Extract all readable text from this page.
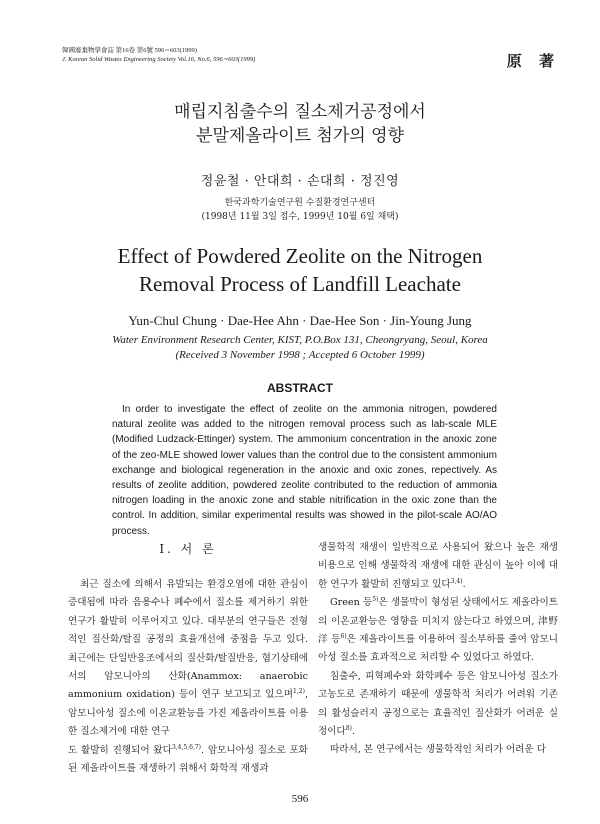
韓國廢棄物學會誌 第16卷 第6號 596∼603(1999)
J. Korean Solid Wastes Engineering Society Vol.16, No.6, 596∼603(1999)	原 著
매립지침출수의 질소제거공정에서
분말제올라이트 첨가의 영향
정윤철 · 안대희 · 손대희 · 정진영
한국과학기술연구원 수질환경연구센터
(1998년 11월 3일 접수, 1999년 10월 6일 채택)
Effect of Powdered Zeolite on the Nitrogen
Removal Process of Landfill Leachate
Yun-Chul Chung · Dae-Hee Ahn · Dae-Hee Son · Jin-Young Jung
Water Environment Research Center, KIST, P.O.Box 131, Cheongryang, Seoul, Korea
(Received 3 November 1998 ; Accepted 6 October 1999)
ABSTRACT
In order to investigate the effect of zeolite on the ammonia nitrogen, powdered natural zeolite was added to the nitrogen removal process such as lab-scale MLE (Modified Ludzack-Ettinger) system. The ammonium concentration in the anoxic zone of the zeo-MLE showed lower values than the control due to the consistent ammonium exchange and biological regeneration in the anoxic and oxic zones, repectively. As results of zeolite addition, powdered zeolite contributed to the reduction of ammonia nitrogen loading in the anoxic zone and stable nitrification in the oxic zone than the control. In addition, similar experimental results was showed in the pilot-scale AO/AO process.
Ⅰ. 서 론

최근 질소에 의해서 유발되는 환경오염에 대한 관심이 증대됨에 따라 음용수나 폐수에서 질소를 제거하기 위한 연구가 활발히 이루어지고 있다. 대부분의 연구들은 전형적인 질산화/탈질 공정의 효율개선에 중점을 두고 있다. 최근에는 단일반응조에서의 질산화/탈질반응, 혐기상태에서의 암모니아의 산화(Anammox: anaerobic ammonium oxidation) 등이 연구 보고되고 있으며$^{1,2)}$, 암모니아성 질소에 이온교환능을 가진 제올라이트를 이용한 질소제거에 대한 연구

도 활발히 진행되어 왔다$^{3,4,5,6,7)}$. 암모니아성 질소로 포화된 제올라이트를 재생하기 위해서 화학적 재생과

생물학적 재생이 일반적으로 사용되어 왔으나 높은 재생비용으로 인해 생물학적 재생에 대한 관심이 높아 이에 대한 연구가 활발히 진행되고 있다$^{3,4)}$.

Green 등$^{5)}$은 생물막이 형성된 상태에서도 제올라이트의 이온교환능은 영향을 미치지 않는다고 하였으며, 津野 洋 등$^{6)}$은 제올라이트를 이용하여 질소부하를 줄여 암모니아성 질소를 효과적으로 처리할 수 있었다고 하였다.

침출수, 피혁폐수와 화학폐수 등은 암모니아성 질소가 고농도로 존재하기 때문에 생물학적 처리가 어려워 기존의 활성슬러지 공정으로는 효율적인 질산화가 어려운 실정이다$^{8)}$.

따라서, 본 연구에서는 생물학적인 처리가 어려운 다

596
